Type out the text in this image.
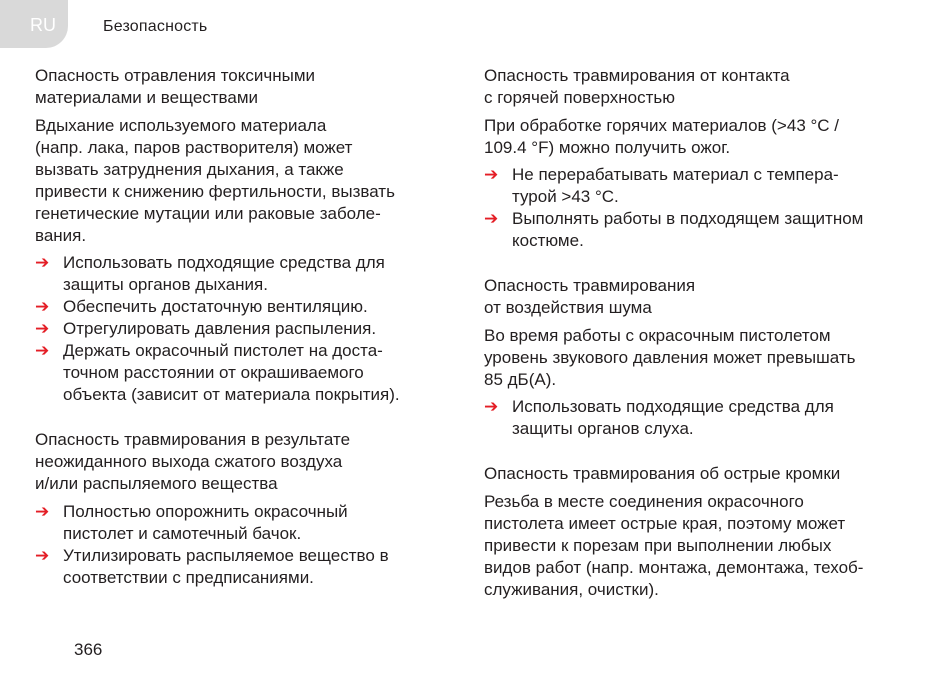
RU	Безопасность
Опасность отравления токсичными
материалами и веществами
Вдыхание используемого материала
(напр. лака, паров растворителя) может
вызвать затруднения дыхания, а также
привести к снижению фертильности, вызвать
генетические мутации или раковые заболе-
вания.
➔ Использовать подходящие средства для
защиты органов дыхания.
➔ Обеспечить достаточную вентиляцию.
➔ Отрегулировать давления распыления.
➔ Держать окрасочный пистолет на доста-
точном расстоянии от окрашиваемого
объекта (зависит от материала покрытия).
Опасность травмирования в результате
неожиданного выхода сжатого воздуха
и/или распыляемого вещества
➔ Полностью опорожнить окрасочный
пистолет и самотечный бачок.
➔ Утилизировать распыляемое вещество в
соответствии с предписаниями.
Опасность травмирования от контакта
с горячей поверхностью
При обработке горячих материалов (>43 °C /
109.4 °F) можно получить ожог.
➔ Не перерабатывать материал с темпера-
турой >43 °C.
➔ Выполнять работы в подходящем защитном
костюме.
Опасность травмирования
от воздействия шума
Во время работы с окрасочным пистолетом
уровень звукового давления может превышать
85 дБ(А).
➔ Использовать подходящие средства для
защиты органов слуха.
Опасность травмирования об острые кромки
Резьба в месте соединения окрасочного
пистолета имеет острые края, поэтому может
привести к порезам при выполнении любых
видов работ (напр. монтажа, демонтажа, техоб-
служивания, очистки).
366
